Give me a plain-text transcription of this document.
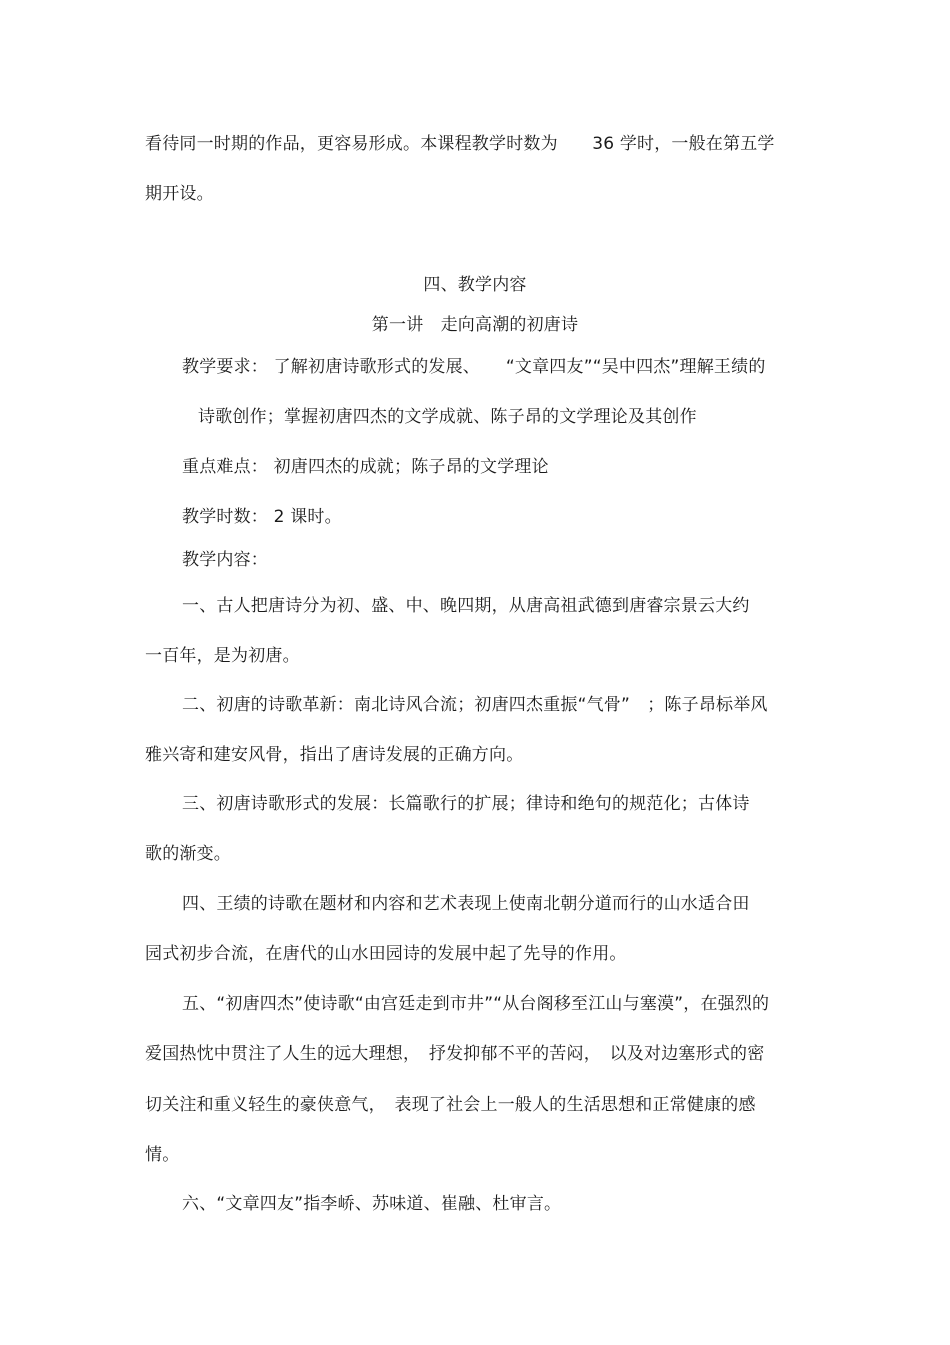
看待同一时期的作品，更容易形成。本课程教学时数为　　36 学时，一般在第五学
期开设。
四、教学内容
第一讲　走向高潮的初唐诗
教学要求： 了解初唐诗歌形式的发展、　　“文章四友”“吴中四杰”理解王绩的
诗歌创作；掌握初唐四杰的文学成就、陈子昂的文学理论及其创作
重点难点： 初唐四杰的成就；陈子昂的文学理论
教学时数： 2 课时。
教学内容：
一、古人把唐诗分为初、盛、中、晚四期，从唐高祖武德到唐睿宗景云大约
一百年，是为初唐。
二、初唐的诗歌革新：南北诗风合流；初唐四杰重振“气骨”　；陈子昂标举风
雅兴寄和建安风骨，指出了唐诗发展的正确方向。
三、初唐诗歌形式的发展：长篇歌行的扩展；律诗和绝句的规范化；古体诗
歌的渐变。
四、王绩的诗歌在题材和内容和艺术表现上使南北朝分道而行的山水适合田
园式初步合流，在唐代的山水田园诗的发展中起了先导的作用。
五、“初唐四杰”使诗歌“由宫廷走到市井”“从台阁移至江山与塞漠”，在强烈的
爱国热忱中贯注了人生的远大理想，　抒发抑郁不平的苦闷，　以及对边塞形式的密
切关注和重义轻生的豪侠意气，　表现了社会上一般人的生活思想和正常健康的感
情。
六、“文章四友”指李峤、苏味道、崔融、杜审言。
